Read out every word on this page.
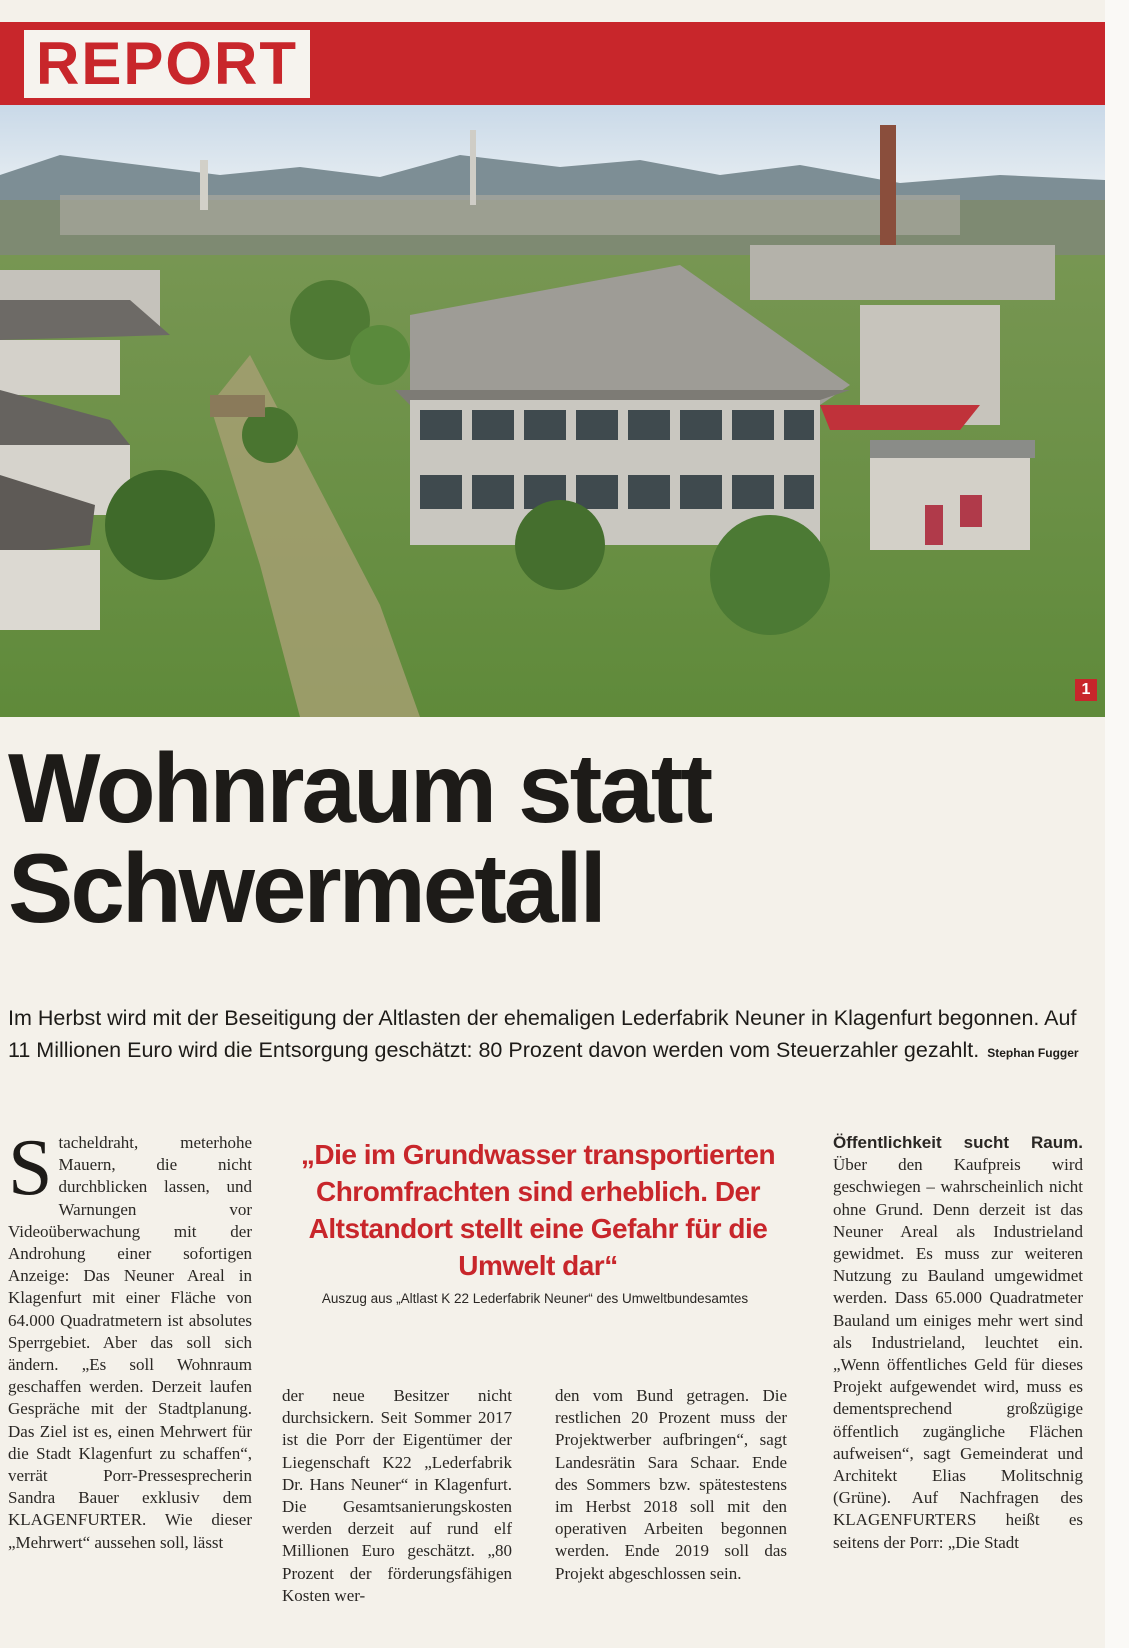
REPORT
1
Wohnraum statt
Schwermetall
Im Herbst wird mit der Beseitigung der Altlasten der ehemaligen Lederfabrik Neuner in Klagenfurt begonnen. Auf 11 Millionen Euro wird die Entsorgung geschätzt: 80 Prozent davon werden vom Steuerzahler gezahlt. Stephan Fugger
Stacheldraht, meterhohe Mauern, die nicht durchblicken lassen, und Warnungen vor Videoüberwachung mit der Androhung einer sofortigen Anzeige: Das Neuner Areal in Klagenfurt mit einer Fläche von 64.000 Quadratmetern ist absolutes Sperrgebiet. Aber das soll sich ändern. „Es soll Wohnraum geschaffen werden. Derzeit laufen Gespräche mit der Stadtplanung. Das Ziel ist es, einen Mehrwert für die Stadt Klagenfurt zu schaffen“, verrät Porr-Pressesprecherin Sandra Bauer exklusiv dem KLAGENFURTER. Wie dieser „Mehrwert“ aussehen soll, lässt
„Die im Grundwasser transportierten Chromfrachten sind erheblich. Der Altstandort stellt eine Gefahr für die Umwelt dar“
Auszug aus „Altlast K 22 Lederfabrik Neuner“ des Umweltbundesamtes
der neue Besitzer nicht durchsickern. Seit Sommer 2017 ist die Porr der Eigentümer der Liegenschaft K22 „Lederfabrik Dr. Hans Neuner“ in Klagenfurt. Die Gesamtsanierungskosten werden derzeit auf rund elf Millionen Euro geschätzt. „80 Prozent der förderungsfähigen Kosten wer-
den vom Bund getragen. Die restlichen 20 Prozent muss der Projektwerber aufbringen“, sagt Landesrätin Sara Schaar. Ende des Sommers bzw. spätestestens im Herbst 2018 soll mit den operativen Arbeiten begonnen werden. Ende 2019 soll das Projekt abgeschlossen sein.
Öffentlichkeit sucht Raum. Über den Kaufpreis wird geschwiegen – wahrscheinlich nicht ohne Grund. Denn derzeit ist das Neuner Areal als Industrieland gewidmet. Es muss zur weiteren Nutzung zu Bauland umgewidmet werden. Dass 65.000 Quadratmeter Bauland um einiges mehr wert sind als Industrieland, leuchtet ein. „Wenn öffentliches Geld für dieses Projekt aufgewendet wird, muss es dementsprechend großzügige öffentlich zugängliche Flächen aufweisen“, sagt Gemeinderat und Architekt Elias Molitschnig (Grüne). Auf Nachfragen des KLAGENFURTERS heißt es seitens der Porr: „Die Stadt
